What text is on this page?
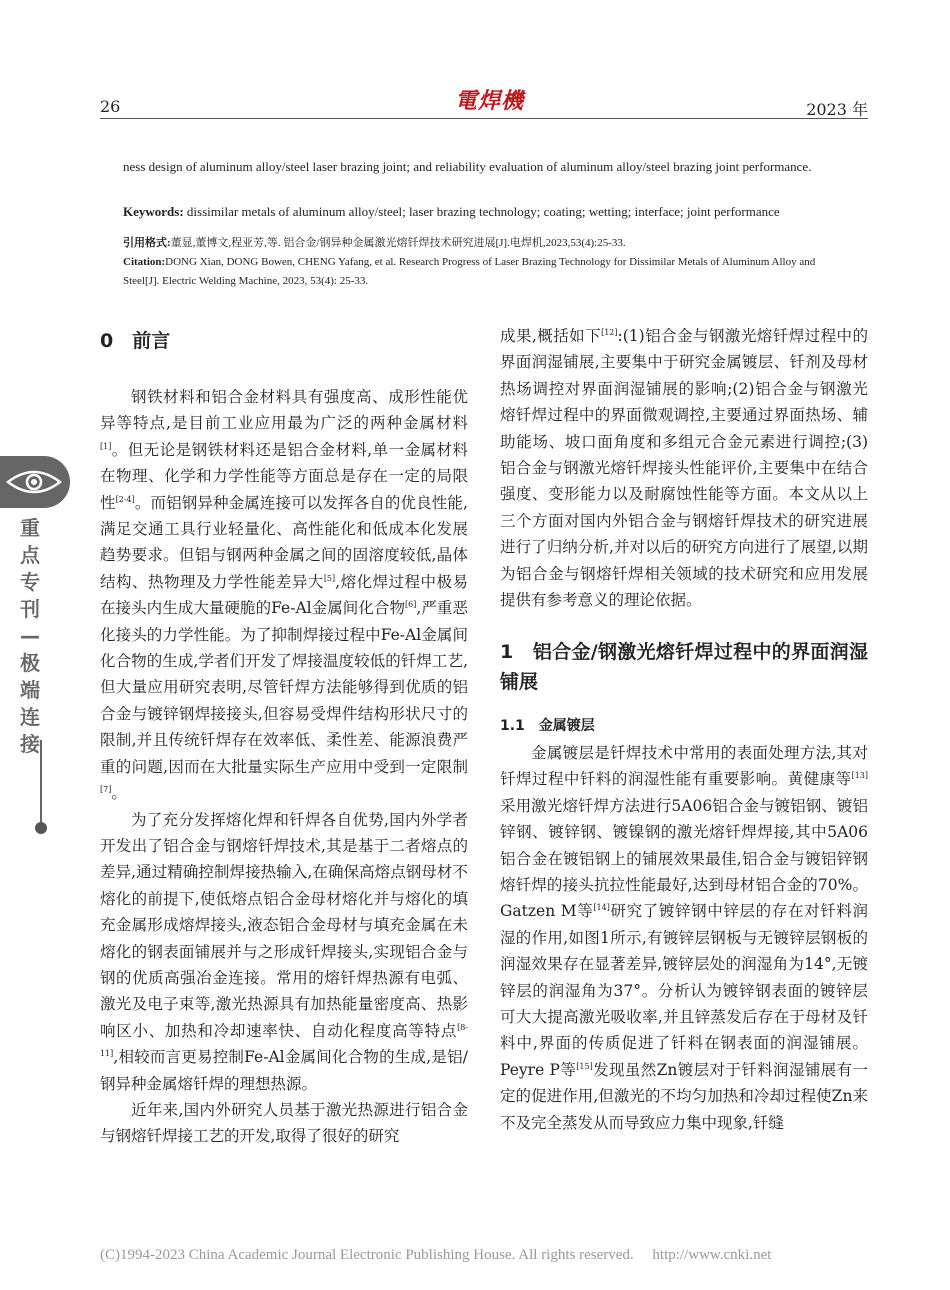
26	電焊機	2023 年
ness design of aluminum alloy/steel laser brazing joint; and reliability evaluation of aluminum alloy/steel brazing joint performance.
Keywords: dissimilar metals of aluminum alloy/steel; laser brazing technology; coating; wetting; interface; joint performance
引用格式:董显,董博文,程亚芳,等. 铝合金/钢异种金属激光熔钎焊技术研究进展[J].电焊机,2023,53(4):25-33.
Citation:DONG Xian, DONG Bowen, CHENG Yafang, et al. Research Progress of Laser Brazing Technology for Dissimilar Metals of Aluminum Alloy and Steel[J]. Electric Welding Machine, 2023, 53(4): 25-33.
重点专刊—极端连接

0　前言

钢铁材料和铝合金材料具有强度高、成形性能优异等特点,是目前工业应用最为广泛的两种金属材料[1]。但无论是钢铁材料还是铝合金材料,单一金属材料在物理、化学和力学性能等方面总是存在一定的局限性[2-4]。而铝钢异种金属连接可以发挥各自的优良性能,满足交通工具行业轻量化、高性能化和低成本化发展趋势要求。但铝与钢两种金属之间的固溶度较低,晶体结构、热物理及力学性能差异大[5],熔化焊过程中极易在接头内生成大量硬脆的Fe-Al金属间化合物[6],严重恶化接头的力学性能。为了抑制焊接过程中Fe-Al金属间化合物的生成,学者们开发了焊接温度较低的钎焊工艺,但大量应用研究表明,尽管钎焊方法能够得到优质的铝合金与镀锌钢焊接接头,但容易受焊件结构形状尺寸的限制,并且传统钎焊存在效率低、柔性差、能源浪费严重的问题,因而在大批量实际生产应用中受到一定限制[7]。

为了充分发挥熔化焊和钎焊各自优势,国内外学者开发出了铝合金与钢熔钎焊技术,其是基于二者熔点的差异,通过精确控制焊接热输入,在确保高熔点钢母材不熔化的前提下,使低熔点铝合金母材熔化并与熔化的填充金属形成熔焊接头,液态铝合金母材与填充金属在未熔化的钢表面铺展并与之形成钎焊接头,实现铝合金与钢的优质高强冶金连接。常用的熔钎焊热源有电弧、激光及电子束等,激光热源具有加热能量密度高、热影响区小、加热和冷却速率快、自动化程度高等特点[8-11],相较而言更易控制Fe-Al金属间化合物的生成,是铝/钢异种金属熔钎焊的理想热源。

近年来,国内外研究人员基于激光热源进行铝合金与钢熔钎焊接工艺的开发,取得了很好的研究

成果,概括如下[12]:(1)铝合金与钢激光熔钎焊过程中的界面润湿铺展,主要集中于研究金属镀层、钎剂及母材热场调控对界面润湿铺展的影响;(2)铝合金与钢激光熔钎焊过程中的界面微观调控,主要通过界面热场、辅助能场、坡口面角度和多组元合金元素进行调控;(3)铝合金与钢激光熔钎焊接头性能评价,主要集中在结合强度、变形能力以及耐腐蚀性能等方面。本文从以上三个方面对国内外铝合金与钢熔钎焊技术的研究进展进行了归纳分析,并对以后的研究方向进行了展望,以期为铝合金与钢熔钎焊相关领域的技术研究和应用发展提供有参考意义的理论依据。

1　铝合金/钢激光熔钎焊过程中的界面润湿铺展

1.1　金属镀层

金属镀层是钎焊技术中常用的表面处理方法,其对钎焊过程中钎料的润湿性能有重要影响。黄健康等[13]采用激光熔钎焊方法进行5A06铝合金与镀铝钢、镀铝锌钢、镀锌钢、镀镍钢的激光熔钎焊焊接,其中5A06铝合金在镀铝钢上的铺展效果最佳,铝合金与镀铝锌钢熔钎焊的接头抗拉性能最好,达到母材铝合金的70%。Gatzen M等[14]研究了镀锌钢中锌层的存在对钎料润湿的作用,如图1所示,有镀锌层钢板与无镀锌层钢板的润湿效果存在显著差异,镀锌层处的润湿角为14°,无镀锌层的润湿角为37°。分析认为镀锌钢表面的镀锌层可大大提高激光吸收率,并且锌蒸发后存在于母材及钎料中,界面的传质促进了钎料在钢表面的润湿铺展。Peyre P等[15]发现虽然Zn镀层对于钎料润湿铺展有一定的促进作用,但激光的不均匀加热和冷却过程使Zn来不及完全蒸发从而导致应力集中现象,钎缝

(C)1994-2023 China Academic Journal Electronic Publishing House. All rights reserved.　 http://www.cnki.net
